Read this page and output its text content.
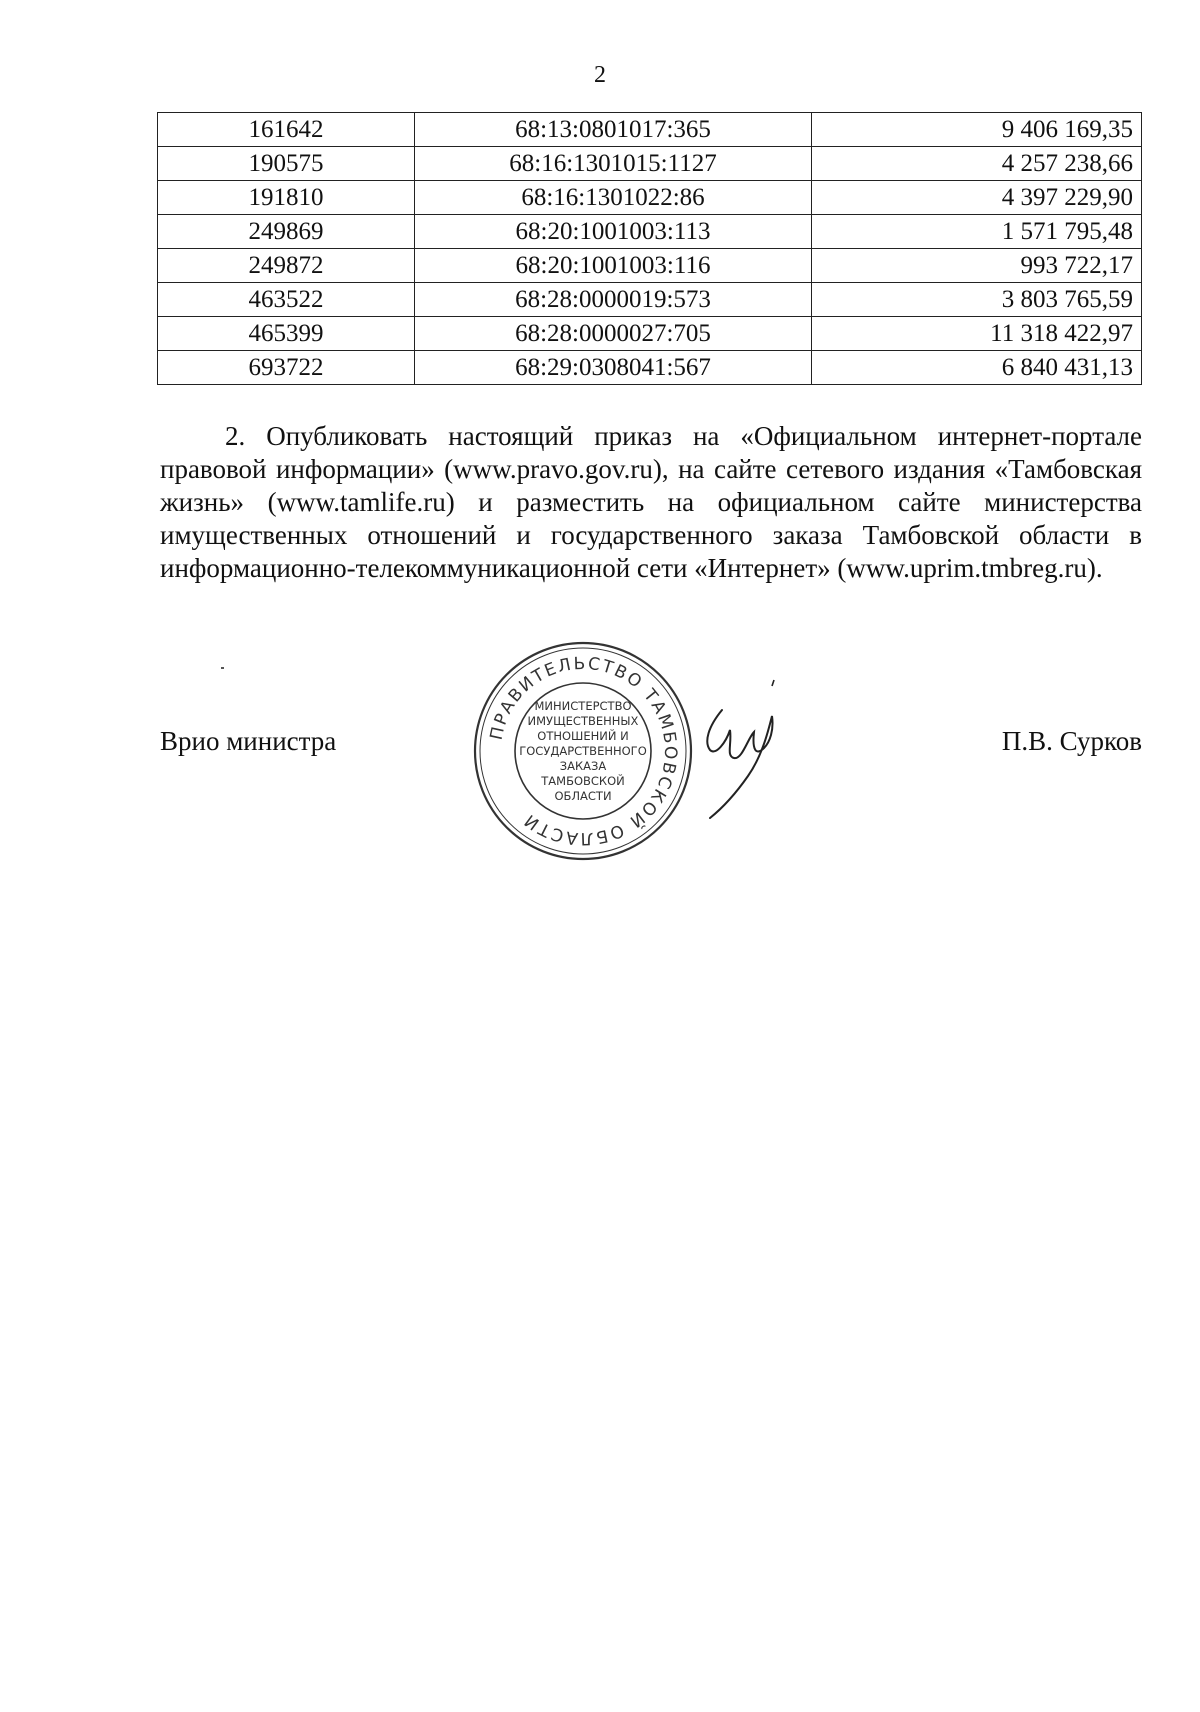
2
161642	68:13:0801017:365	9 406 169,35
190575	68:16:1301015:1127	4 257 238,66
191810	68:16:1301022:86	4 397 229,90
249869	68:20:1001003:113	1 571 795,48
249872	68:20:1001003:116	993 722,17
463522	68:28:0000019:573	3 803 765,59
465399	68:28:0000027:705	11 318 422,97
693722	68:29:0308041:567	6 840 431,13

2. Опубликовать настоящий приказ на «Официальном интернет-портале правовой информации» (www.pravo.gov.ru), на сайте сетевого издания «Тамбовская жизнь» (www.tamlife.ru) и разместить на официальном сайте министерства имущественных отношений и государственного заказа Тамбовской области в информационно-телекоммуникационной сети «Интернет» (www.uprim.tmbreg.ru).

Врио министра	ПРАВИТЕЛЬСТВО ТАМБОВСКОЙ ОБЛАСТИ
МИНИСТЕРСТВО
ИМУЩЕСТВЕННЫХ
ОТНОШЕНИЙ И
ГОСУДАРСТВЕННОГО
ЗАКАЗА
ТАМБОВСКОЙ
ОБЛАСТИ
П.В. Сурков
